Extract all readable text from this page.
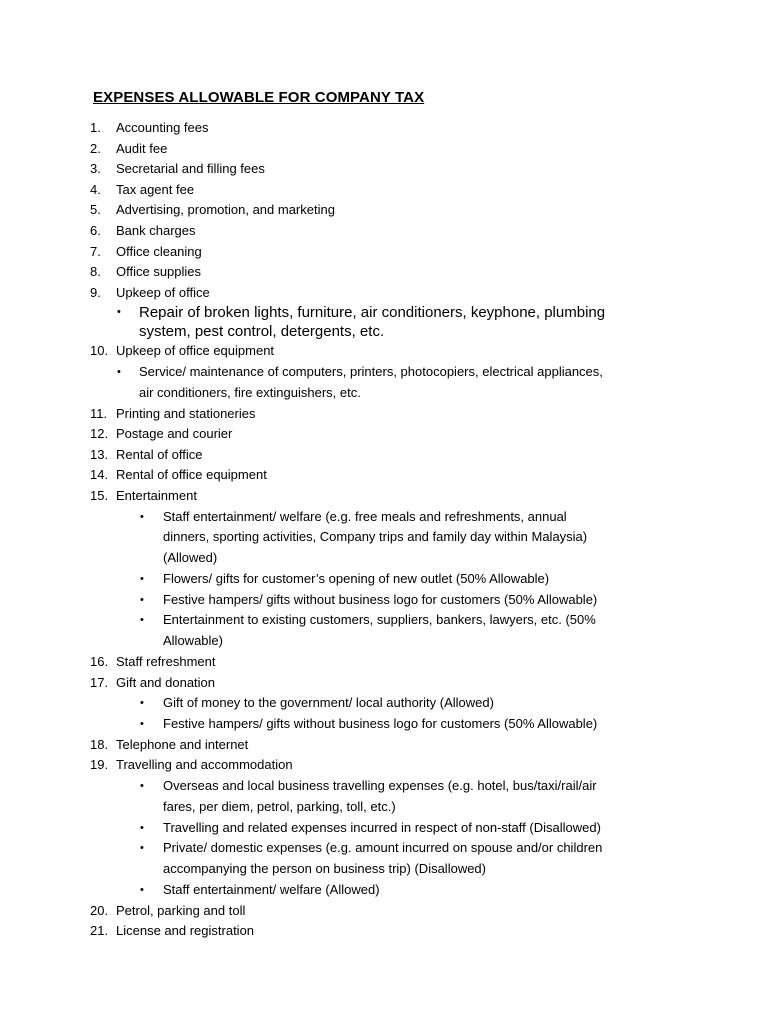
EXPENSES ALLOWABLE FOR COMPANY TAX
1. Accounting fees
2. Audit fee
3. Secretarial and filling fees
4. Tax agent fee
5. Advertising, promotion, and marketing
6. Bank charges
7. Office cleaning
8. Office supplies
9. Upkeep of office
• Repair of broken lights, furniture, air conditioners, keyphone, plumbing system, pest control, detergents, etc.
10. Upkeep of office equipment
• Service/ maintenance of computers, printers, photocopiers, electrical appliances, air conditioners, fire extinguishers, etc.
11. Printing and stationeries
12. Postage and courier
13. Rental of office
14. Rental of office equipment
15. Entertainment
• Staff entertainment/ welfare (e.g. free meals and refreshments, annual dinners, sporting activities, Company trips and family day within Malaysia) (Allowed)
• Flowers/ gifts for customer’s opening of new outlet (50% Allowable)
• Festive hampers/ gifts without business logo for customers (50% Allowable)
• Entertainment to existing customers, suppliers, bankers, lawyers, etc. (50% Allowable)
16. Staff refreshment
17. Gift and donation
• Gift of money to the government/ local authority (Allowed)
• Festive hampers/ gifts without business logo for customers (50% Allowable)
18. Telephone and internet
19. Travelling and accommodation
• Overseas and local business travelling expenses (e.g. hotel, bus/taxi/rail/air fares, per diem, petrol, parking, toll, etc.)
• Travelling and related expenses incurred in respect of non-staff (Disallowed)
• Private/ domestic expenses (e.g. amount incurred on spouse and/or children accompanying the person on business trip) (Disallowed)
• Staff entertainment/ welfare (Allowed)
20. Petrol, parking and toll
21. License and registration
